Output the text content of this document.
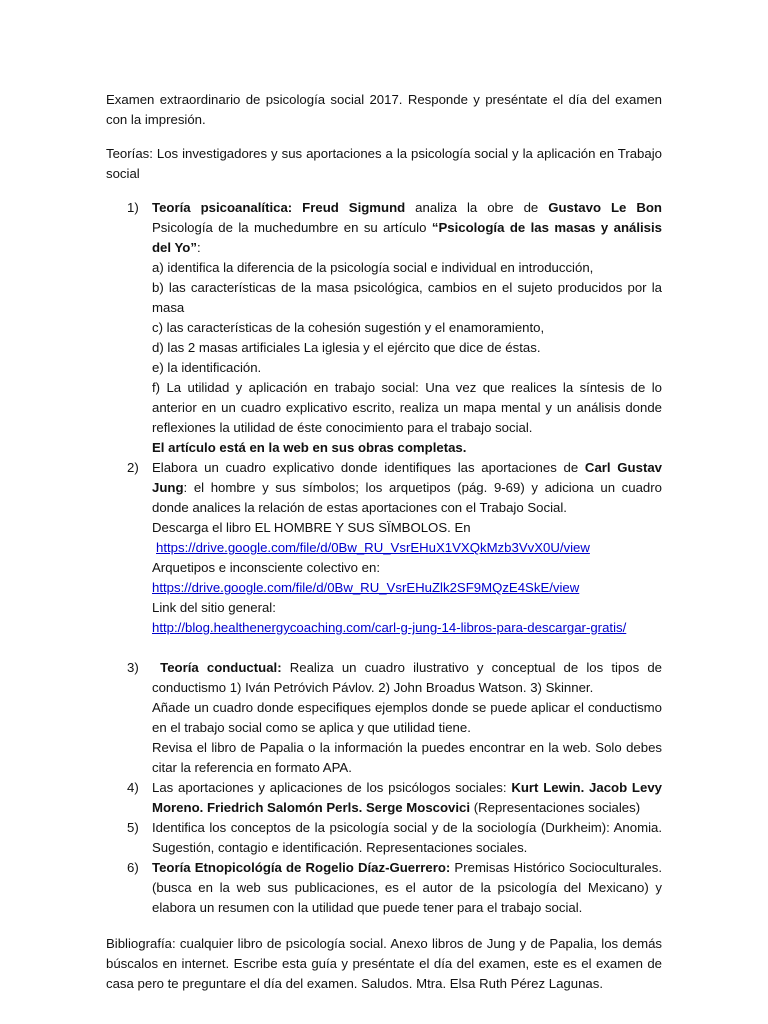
Examen extraordinario de psicología social 2017. Responde y preséntate el día del examen con la impresión.

Teorías: Los investigadores y sus aportaciones a la psicología social y la aplicación en Trabajo social

1) Teoría psicoanalítica: Freud Sigmund analiza la obre de Gustavo Le Bon Psicología de la muchedumbre en su artículo “Psicología de las masas y análisis del Yo”:
a) identifica la diferencia de la psicología social e individual en introducción,
b) las características de la masa psicológica, cambios en el sujeto producidos por la masa
c) las características de la cohesión sugestión y el enamoramiento,
d) las 2 masas artificiales La iglesia y el ejército que dice de éstas.
e) la identificación.
f) La utilidad y aplicación en trabajo social: Una vez que realices la síntesis de lo anterior en un cuadro explicativo escrito, realiza un mapa mental y un análisis donde reflexiones la utilidad de éste conocimiento para el trabajo social.
El artículo está en la web en sus obras completas.
2) Elabora un cuadro explicativo donde identifiques las aportaciones de Carl Gustav Jung: el hombre y sus símbolos; los arquetipos (pág. 9-69) y adiciona un cuadro donde analices la relación de estas aportaciones con el Trabajo Social.
Descarga el libro EL HOMBRE Y SUS SÏMBOLOS. En
https://drive.google.com/file/d/0Bw_RU_VsrEHuX1VXQkMzb3VvX0U/view
Arquetipos e inconsciente colectivo en:
https://drive.google.com/file/d/0Bw_RU_VsrEHuZlk2SF9MQzE4SkE/view
Link del sitio general:
http://blog.healthenergycoaching.com/carl-g-jung-14-libros-para-descargar-gratis/
3)	Teoría conductual: Realiza un cuadro ilustrativo y conceptual de los tipos de conductismo 1) Iván Petróvich Pávlov. 2) John Broadus Watson. 3) Skinner.
Añade un cuadro donde especifiques ejemplos donde se puede aplicar el conductismo en el trabajo social como se aplica y que utilidad tiene.
Revisa el libro de Papalia o la información la puedes encontrar en la web. Solo debes citar la referencia en formato APA.
4) Las aportaciones y aplicaciones de los psicólogos sociales: Kurt Lewin. Jacob Levy Moreno. Friedrich Salomón Perls. Serge Moscovici (Representaciones sociales)
5) Identifica los conceptos de la psicología social y de la sociología (Durkheim): Anomia. Sugestión, contagio e identificación. Representaciones sociales.
6) Teoría Etnopicológía de Rogelio Díaz-Guerrero: Premisas Histórico Socioculturales. (busca en la web sus publicaciones, es el autor de la psicología del Mexicano) y elabora un resumen con la utilidad que puede tener para el trabajo social.

Bibliografía: cualquier libro de psicología social. Anexo libros de Jung y de Papalia, los demás búscalos en internet. Escribe esta guía y preséntate el día del examen, este es el examen de casa pero te preguntare el día del examen. Saludos. Mtra. Elsa Ruth Pérez Lagunas.
